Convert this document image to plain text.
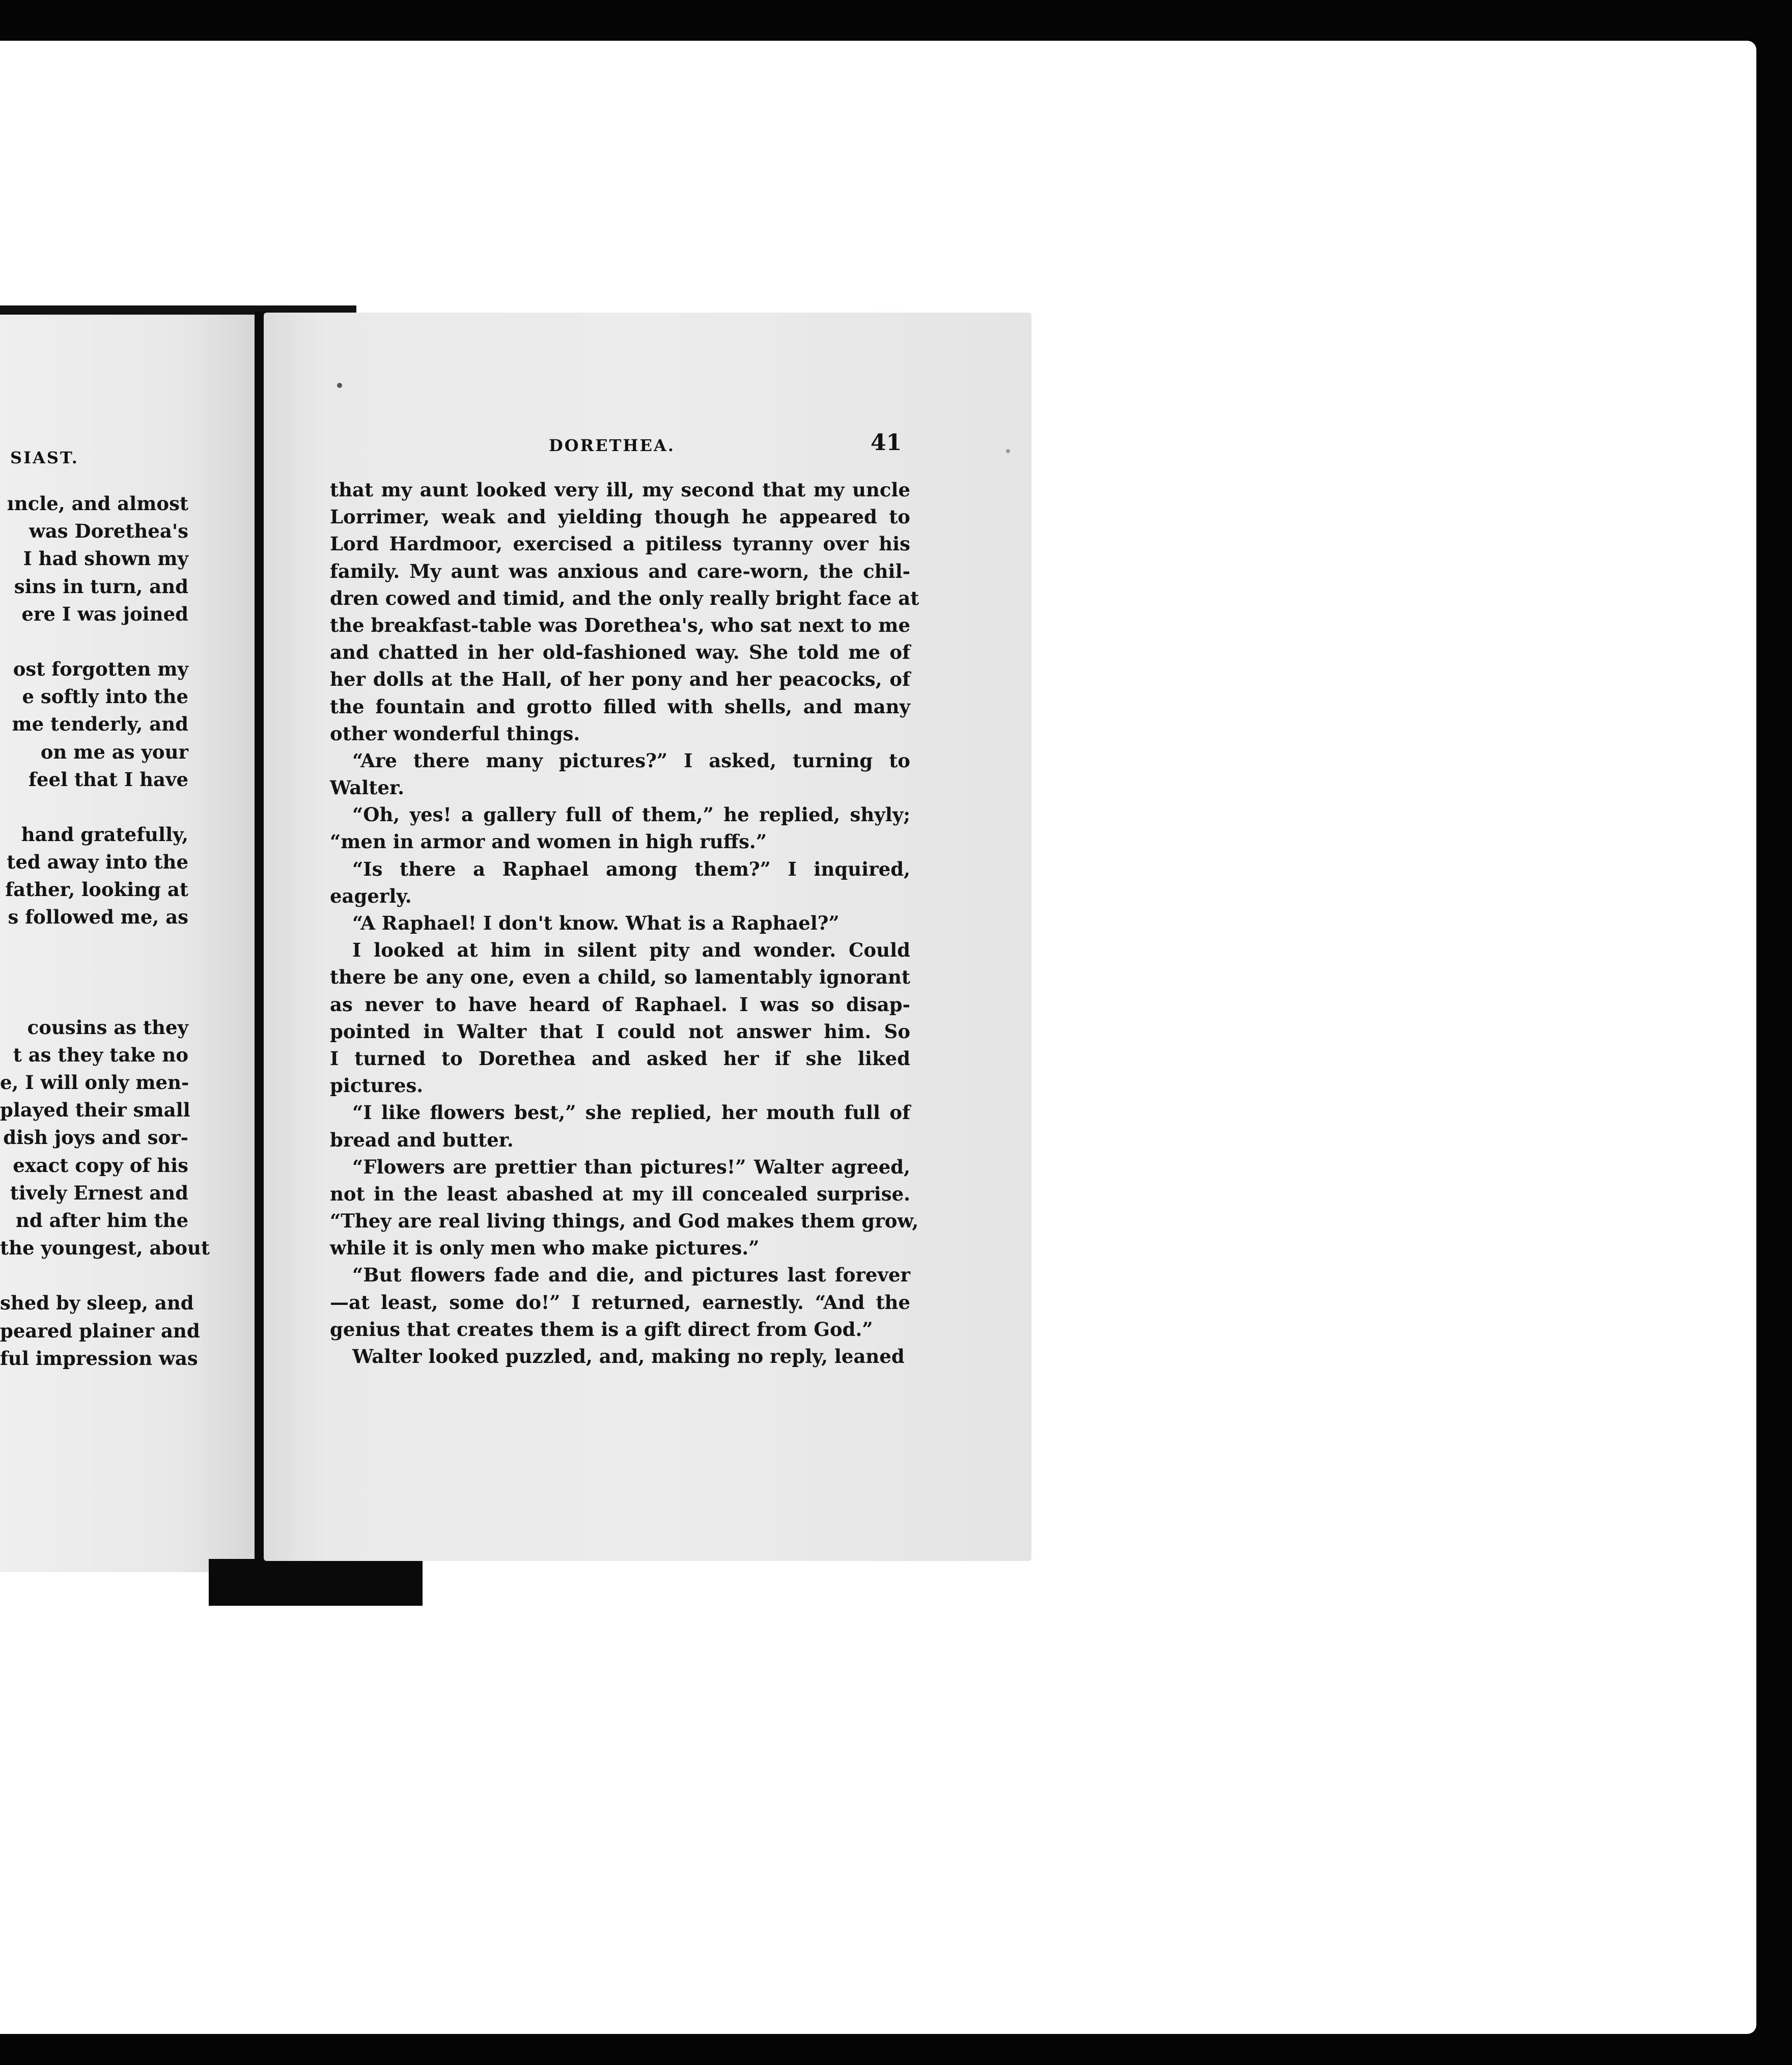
SIAST.
ıncle, and almost
was Dorethea's
I had shown my
sins in turn, and
ere I was joined
ost forgotten my
e softly into the
me tenderly, and
on me as your
feel that I have
hand gratefully,
ted away into the
father, looking at
s followed me, as
cousins as they
t as they take no
e, I will only men-
played their small
dish joys and sor-
exact copy of his
tively Ernest and
nd after him the
the youngest, about
shed by sleep, and
peared plainer and
ful impression was
DORETHEA.	41
that my aunt looked very ill, my second that my uncle
Lorrimer, weak and yielding though he appeared to
Lord Hardmoor, exercised a pitiless tyranny over his
family. My aunt was anxious and care-worn, the chil-
dren cowed and timid, and the only really bright face at
the breakfast-table was Dorethea's, who sat next to me
and chatted in her old-fashioned way. She told me of
her dolls at the Hall, of her pony and her peacocks, of
the fountain and grotto filled with shells, and many
other wonderful things.
“Are there many pictures?” I asked, turning to
Walter.
“Oh, yes! a gallery full of them,” he replied, shyly;
“men in armor and women in high ruffs.”
“Is there a Raphael among them?” I inquired,
eagerly.
“A Raphael! I don't know. What is a Raphael?”
I looked at him in silent pity and wonder. Could
there be any one, even a child, so lamentably ignorant
as never to have heard of Raphael. I was so disap-
pointed in Walter that I could not answer him. So
I turned to Dorethea and asked her if she liked
pictures.
“I like flowers best,” she replied, her mouth full of
bread and butter.
“Flowers are prettier than pictures!” Walter agreed,
not in the least abashed at my ill concealed surprise.
“They are real living things, and God makes them grow,
while it is only men who make pictures.”
“But flowers fade and die, and pictures last forever
—at least, some do!” I returned, earnestly. “And the
genius that creates them is a gift direct from God.”
Walter looked puzzled, and, making no reply, leaned
